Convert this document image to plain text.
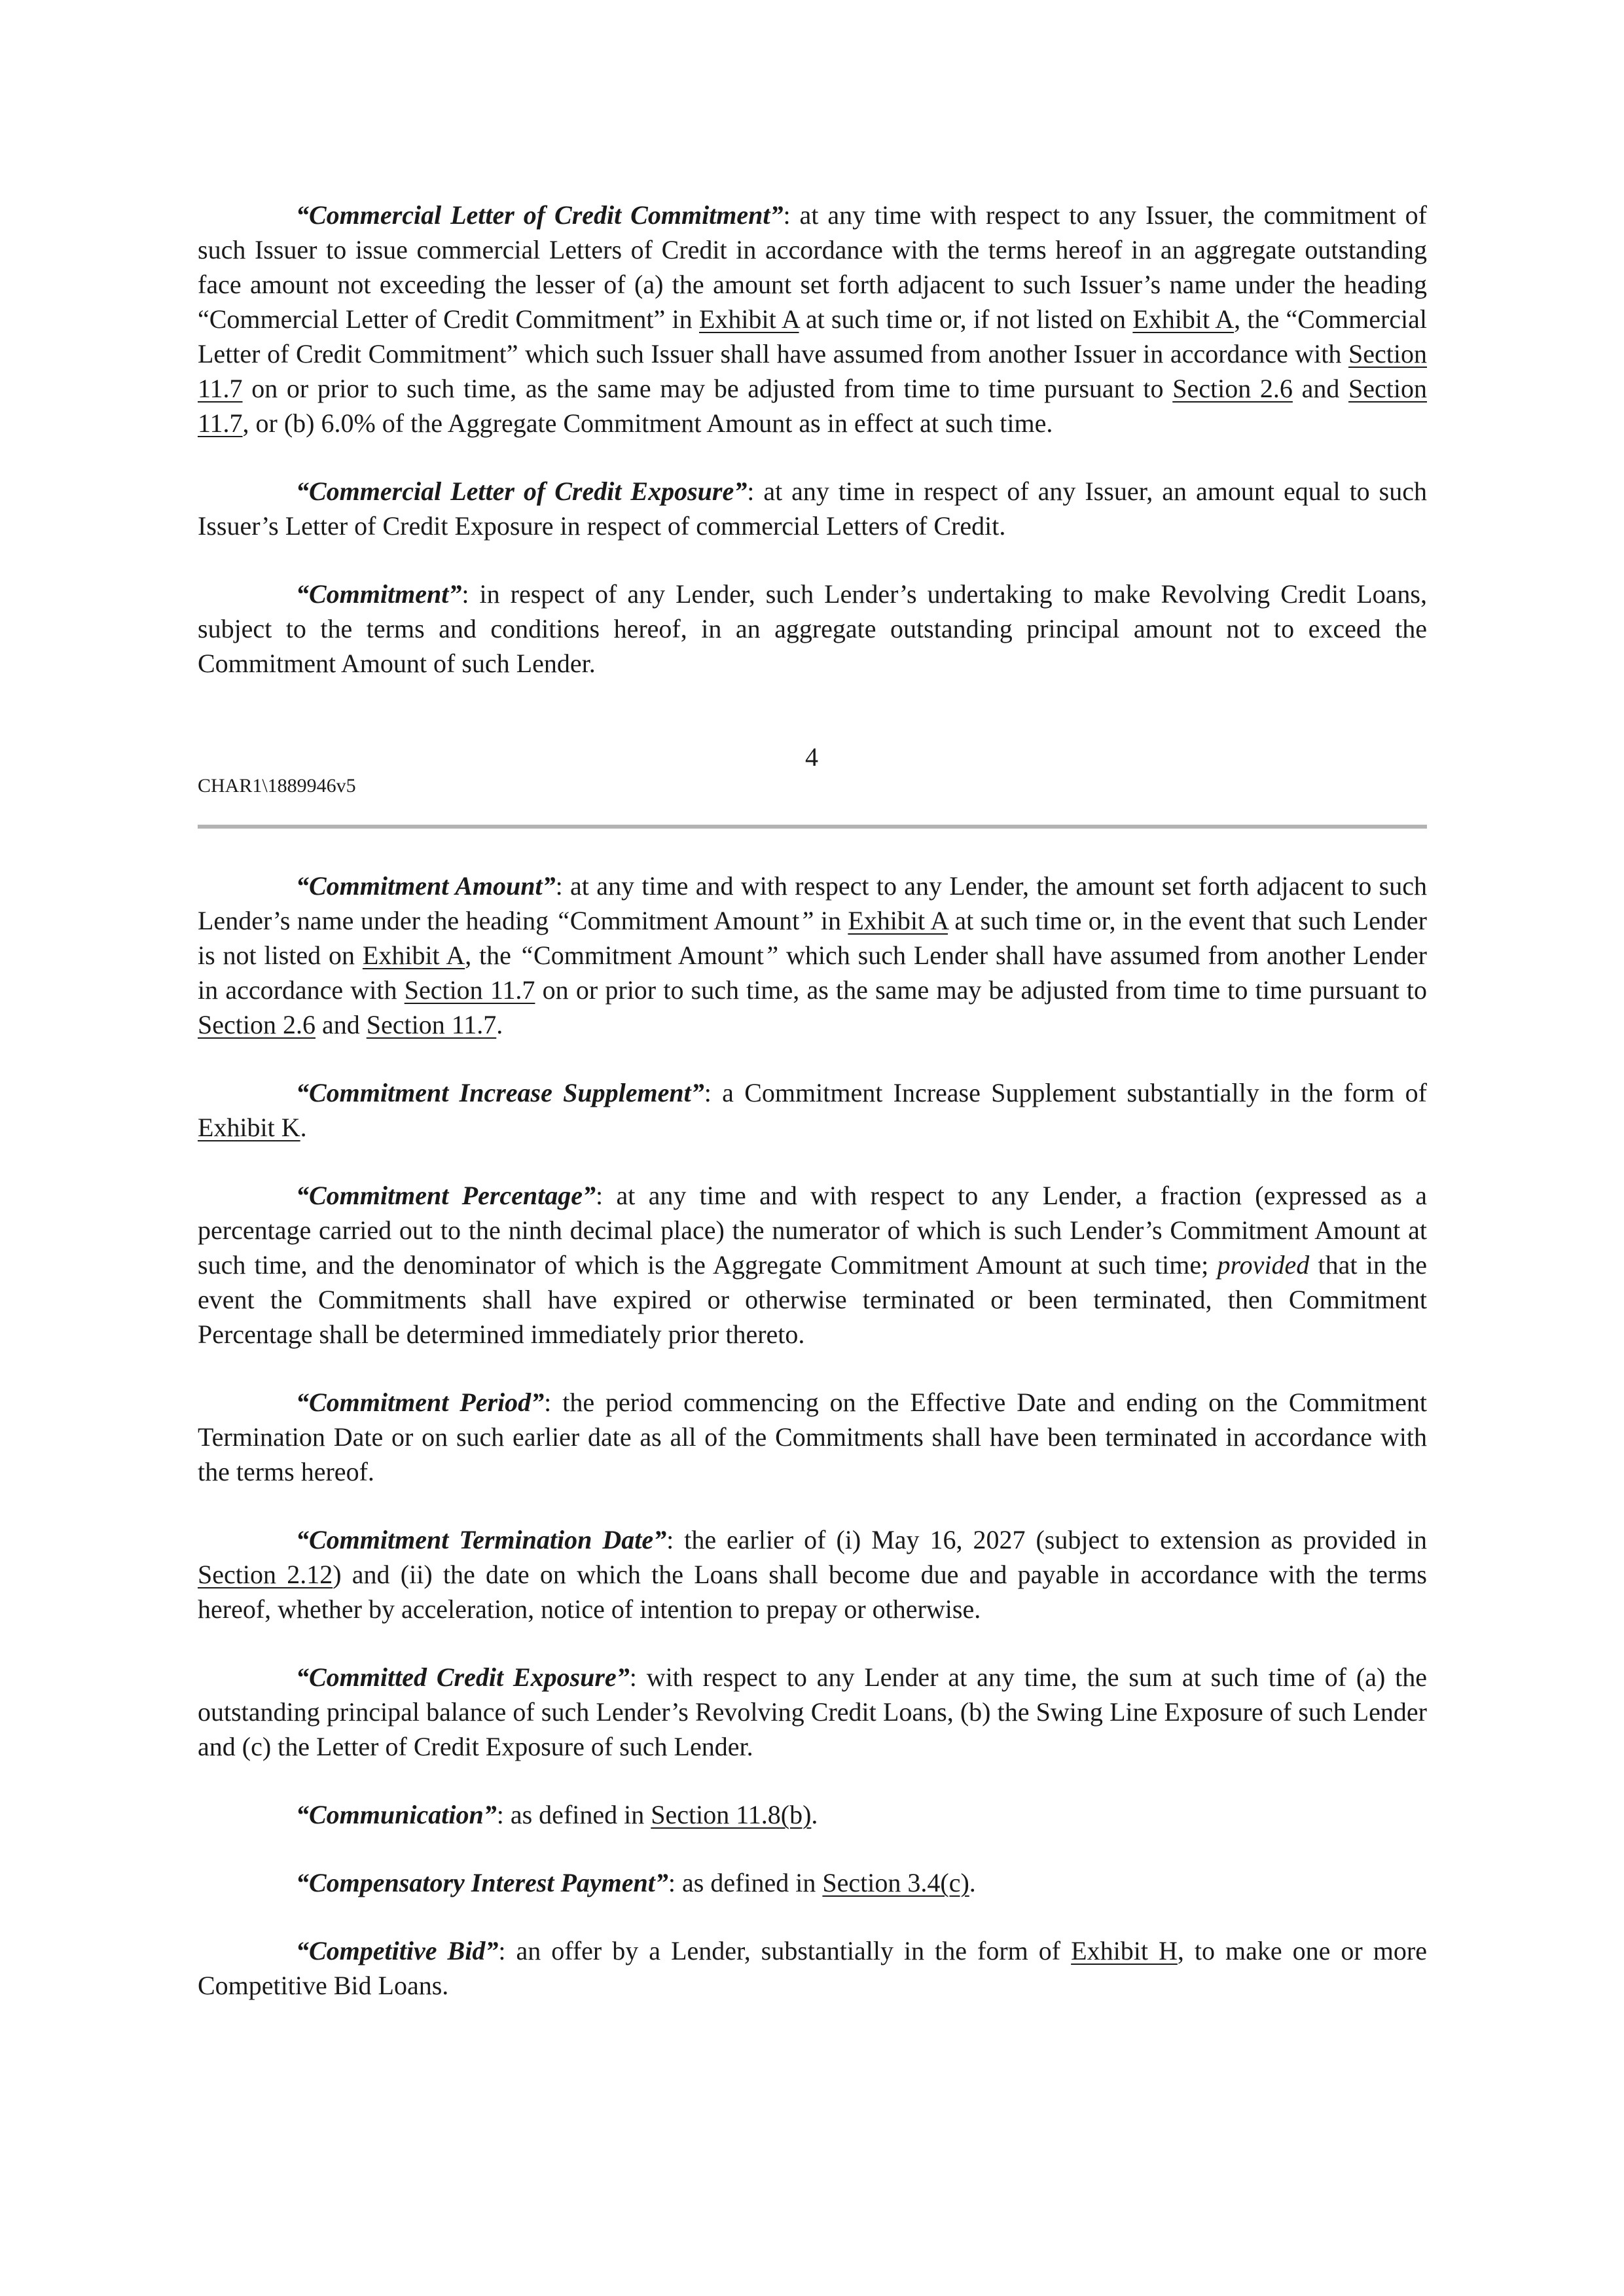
“Commercial Letter of Credit Commitment”: at any time with respect to any Issuer, the commitment of such Issuer to issue commercial Letters of Credit in accordance with the terms hereof in an aggregate outstanding face amount not exceeding the lesser of (a) the amount set forth adjacent to such Issuer’s name under the heading “Commercial Letter of Credit Commitment” in Exhibit A at such time or, if not listed on Exhibit A, the “Commercial Letter of Credit Commitment” which such Issuer shall have assumed from another Issuer in accordance with Section 11.7 on or prior to such time, as the same may be adjusted from time to time pursuant to Section 2.6 and Section 11.7, or (b) 6.0% of the Aggregate Commitment Amount as in effect at such time.

“Commercial Letter of Credit Exposure”: at any time in respect of any Issuer, an amount equal to such Issuer’s Letter of Credit Exposure in respect of commercial Letters of Credit.

“Commitment”: in respect of any Lender, such Lender’s undertaking to make Revolving Credit Loans, subject to the terms and conditions hereof, in an aggregate outstanding principal amount not to exceed the Commitment Amount of such Lender.

4
CHAR1\1889946v5

“Commitment Amount”: at any time and with respect to any Lender, the amount set forth adjacent to such Lender’s name under the heading “Commitment Amount” in Exhibit A at such time or, in the event that such Lender is not listed on Exhibit A, the “Commitment Amount” which such Lender shall have assumed from another Lender in accordance with Section 11.7 on or prior to such time, as the same may be adjusted from time to time pursuant to Section 2.6 and Section 11.7.

“Commitment Increase Supplement”: a Commitment Increase Supplement substantially in the form of Exhibit K.

“Commitment Percentage”: at any time and with respect to any Lender, a fraction (expressed as a percentage carried out to the ninth decimal place) the numerator of which is such Lender’s Commitment Amount at such time, and the denominator of which is the Aggregate Commitment Amount at such time; provided that in the event the Commitments shall have expired or otherwise terminated or been terminated, then Commitment Percentage shall be determined immediately prior thereto.

“Commitment Period”: the period commencing on the Effective Date and ending on the Commitment Termination Date or on such earlier date as all of the Commitments shall have been terminated in accordance with the terms hereof.

“Commitment Termination Date”: the earlier of (i) May 16, 2027 (subject to extension as provided in Section 2.12) and (ii) the date on which the Loans shall become due and payable in accordance with the terms hereof, whether by acceleration, notice of intention to prepay or otherwise.

“Committed Credit Exposure”: with respect to any Lender at any time, the sum at such time of (a) the outstanding principal balance of such Lender’s Revolving Credit Loans, (b) the Swing Line Exposure of such Lender and (c) the Letter of Credit Exposure of such Lender.

“Communication”: as defined in Section 11.8(b).

“Compensatory Interest Payment”: as defined in Section 3.4(c).

“Competitive Bid”: an offer by a Lender, substantially in the form of Exhibit H, to make one or more Competitive Bid Loans.
